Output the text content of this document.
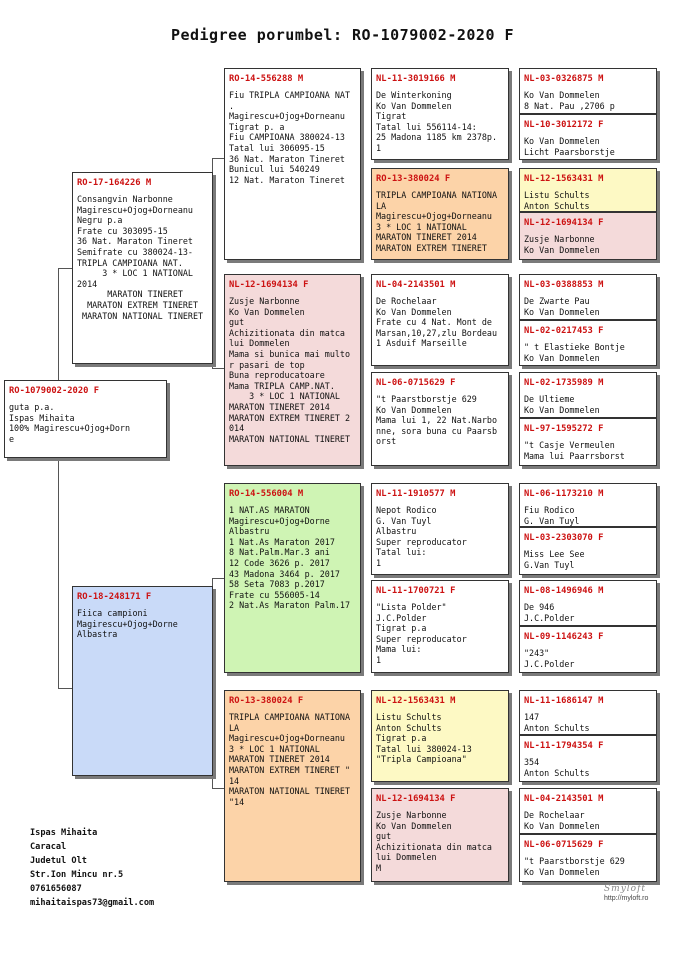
Pedigree porumbel: RO-1079002-2020 F
RO-1079002-2020 F
guta p.a.
Ispas Mihaita
100% Magirescu+Ojog+Dorn
e
RO-17-164226 M
Consangvin Narbonne
Magirescu+Ojog+Dorneanu
Negru p.a
Frate cu 303095-15
36 Nat. Maraton Tineret
Semifrate cu 380024-13-
TRIPLA CAMPIOANA NAT.
3 * LOC 1 NATIONAL
2014
MARATON TINERET
MARATON EXTREM TINERET
MARATON NATIONAL TINERET
RO-18-248171 F
Fiica campioni
Magirescu+Ojog+Dorne
Albastra
RO-14-556288 M
Fiu TRIPLA CAMPIOANA NAT
.
Magirescu+Ojog+Dorneanu
Tigrat p. a
Fiu CAMPIOANA 380024-13
Tatal lui 306095-15
36 Nat. Maraton Tineret
Bunicul lui 540249
12 Nat. Maraton Tineret
NL-12-1694134 F
Zusje Narbonne
Ko Van Dommelen
gut
Achizitionata din matca
lui Dommelen
Mama si bunica mai multo
r pasari de top
Buna reproducatoare
Mama TRIPLA CAMP.NAT.
3 * LOC 1 NATIONAL
MARATON TINERET 2014
MARATON EXTREM TINERET 2
014
MARATON NATIONAL TINERET
RO-14-556004 M
1 NAT.AS MARATON
Magirescu+Ojog+Dorne
Albastru
1 Nat.As Maraton 2017
8 Nat.Palm.Mar.3 ani
12 Code 3626 p. 2017
43 Madona 3464 p. 2017
58 Seta 7083 p.2017
Frate cu 556005-14
2 Nat.As Maraton Palm.17
RO-13-380024 F
TRIPLA CAMPIOANA NATIONA
LA
Magirescu+Ojog+Dorneanu
3 * LOC 1 NATIONAL
MARATON TINERET 2014
MARATON EXTREM TINERET "
14
MARATON NATIONAL TINERET
"14
NL-11-3019166 M
De Winterkoning
Ko Van Dommelen
Tigrat
Tatal lui 556114-14:
25 Madona 1185 km 2378p.
1
RO-13-380024 F
TRIPLA CAMPIOANA NATIONA
LA
Magirescu+Ojog+Dorneanu
3 * LOC 1 NATIONAL
MARATON TINERET 2014
MARATON EXTREM TINERET
NL-04-2143501 M
De Rochelaar
Ko Van Dommelen
Frate cu 4 Nat. Mont de
Marsan,10,27,zlu Bordeau
1 Asduif Marseille
NL-06-0715629 F
"t Paarstborstje 629
Ko Van Dommelen
Mama lui 1, 22 Nat.Narbo
nne, sora buna cu Paarsb
orst
NL-11-1910577 M
Nepot Rodico
G. Van Tuyl
Albastru
Super reproducator
Tatal lui:
1
NL-11-1700721 F
"Lista Polder"
J.C.Polder
Tigrat p.a
Super reproducator
Mama lui:
1
NL-12-1563431 M
Listu Schults
Anton Schults
Tigrat p.a
Tatal lui 380024-13
"Tripla Campioana"
NL-12-1694134 F
Zusje Narbonne
Ko Van Dommelen
gut
Achizitionata din matca
lui Dommelen
M
NL-03-0326875 M
Ko Van Dommelen
8 Nat. Pau ,2706 p
NL-10-3012172 F
Ko Van Dommelen
Licht Paarsborstje
NL-12-1563431 M
Listu Schults
Anton Schults
NL-12-1694134 F
Zusje Narbonne
Ko Van Dommelen
NL-03-0388853 M
De Zwarte Pau
Ko Van Dommelen
NL-02-0217453 F
" t Elastieke Bontje
Ko Van Dommelen
NL-02-1735989 M
De Ultieme
Ko Van Dommelen
NL-97-1595272 F
"t Casje Vermeulen
Mama lui Paarrsborst
NL-06-1173210 M
Fiu Rodico
G. Van Tuyl
NL-03-2303070 F
Miss Lee See
G.Van Tuyl
NL-08-1496946 M
De 946
J.C.Polder
NL-09-1146243 F
"243"
J.C.Polder
NL-11-1686147 M
147
Anton Schults
NL-11-1794354 F
354
Anton Schults
NL-04-2143501 M
De Rochelaar
Ko Van Dommelen
NL-06-0715629 F
"t Paarstborstje 629
Ko Van Dommelen
Ispas Mihaita
Caracal
Judetul Olt
Str.Ion Mincu nr.5
0761656087
mihaitaispas73@gmail.com
Smyloft
http://myloft.ro
